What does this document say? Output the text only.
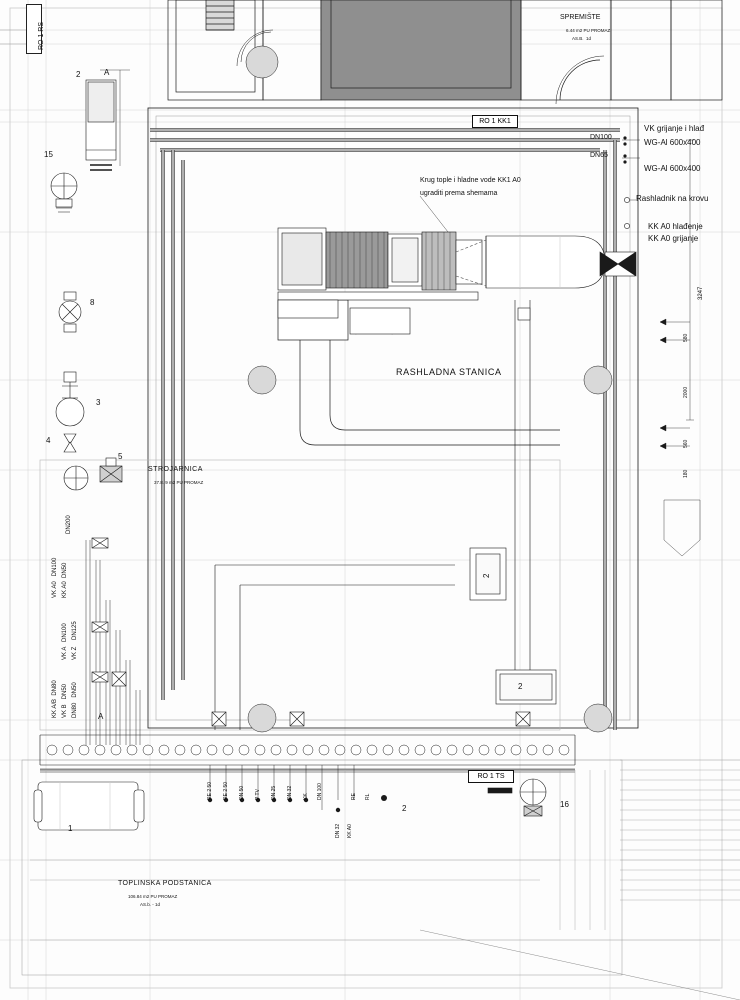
RO 1 RS
SPREMIŠTE
6.44 m2 PU PROMAZ
AS.B.  1d
RO 1 KK1
DN100
DN65
VK grijanje i hlađ
WG-Al 600x400
WG-Al 600x400
Rashladnik na krovu
KK A0 hlađenje
KK A0 grijanje
Krug tople i hladne vode KK1 A0
ugraditi prema shemama
RASHLADNA STANICA
STROJARNICA
37.8. 9 m2 PU PROMAZ
TOPLINSKA PODSTANICA
106.84 m2 PU PROMAZ
AS.b. - 1d
RO 1 TS
3247
580
2000
560
180
DN200
VK A0   DN100 KK A0  DN50
VK Z    DN125
VK A   DN100
KK A/B  DN80 VK B   DN50 DN80   DN50
RE 2 50 RE 2 50 DN 50 P TV DN 25 DN 32 KK DN 100	RE RL
DN 32 KK A0
2	A
15
8
3
4
5
A
1
2
2
2
16
